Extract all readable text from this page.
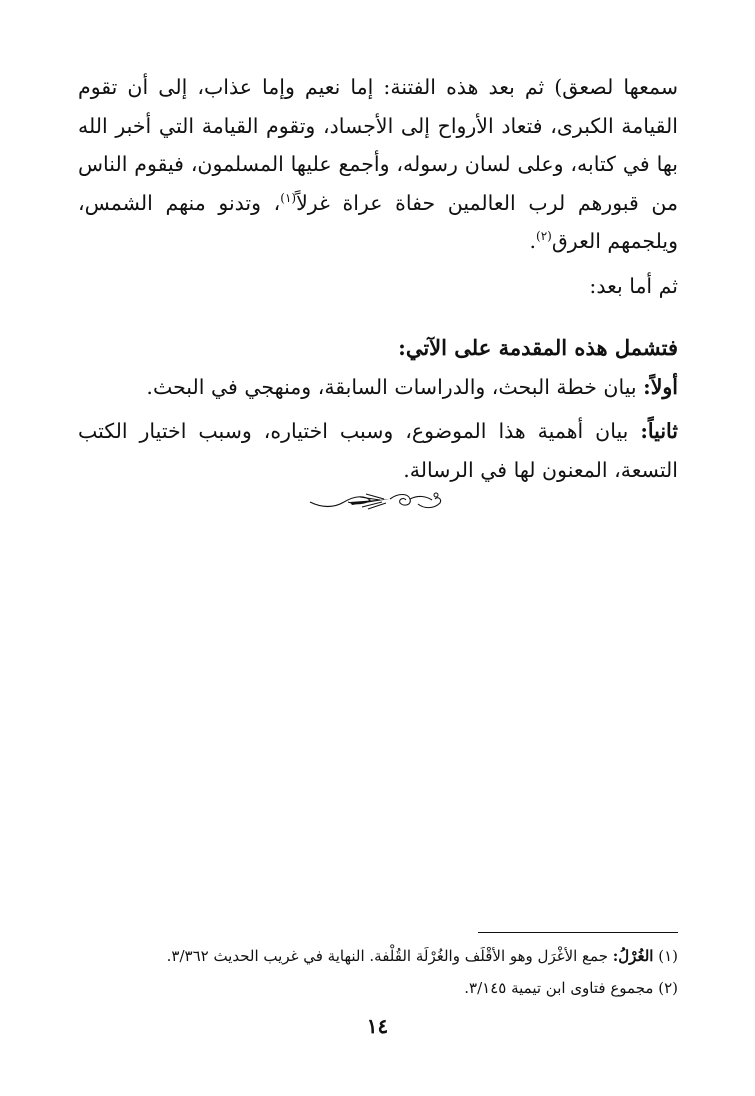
سمعها لصعق) ثم بعد هذه الفتنة: إما نعيم وإما عذاب، إلى أن تقوم القيامة الكبرى، فتعاد الأرواح إلى الأجساد، وتقوم القيامة التي أخبر الله بها في كتابه، وعلى لسان رسوله، وأجمع عليها المسلمون، فيقوم الناس من قبورهم لرب العالمين حفاة عراة غرلاً$^{(١)}$، وتدنو منهم الشمس، ويلجمهم العرق$^{(٢)}$.

ثم أما بعد:

فتشمل هذه المقدمة على الآتي:

أولاً: بيان خطة البحث، والدراسات السابقة، ومنهجي في البحث.

ثانياً: بيان أهمية هذا الموضوع، وسبب اختياره، وسبب اختيار الكتب التسعة، المعنون لها في الرسالة.

(١) الغُرْلُ: جمع الأغْرَل وهو الأقْلَف والغُرْلَة القُلْفة. النهاية في غريب الحديث ٣/٣٦٢.

(٢) مجموع فتاوى ابن تيمية ٣/١٤٥.

١٤
